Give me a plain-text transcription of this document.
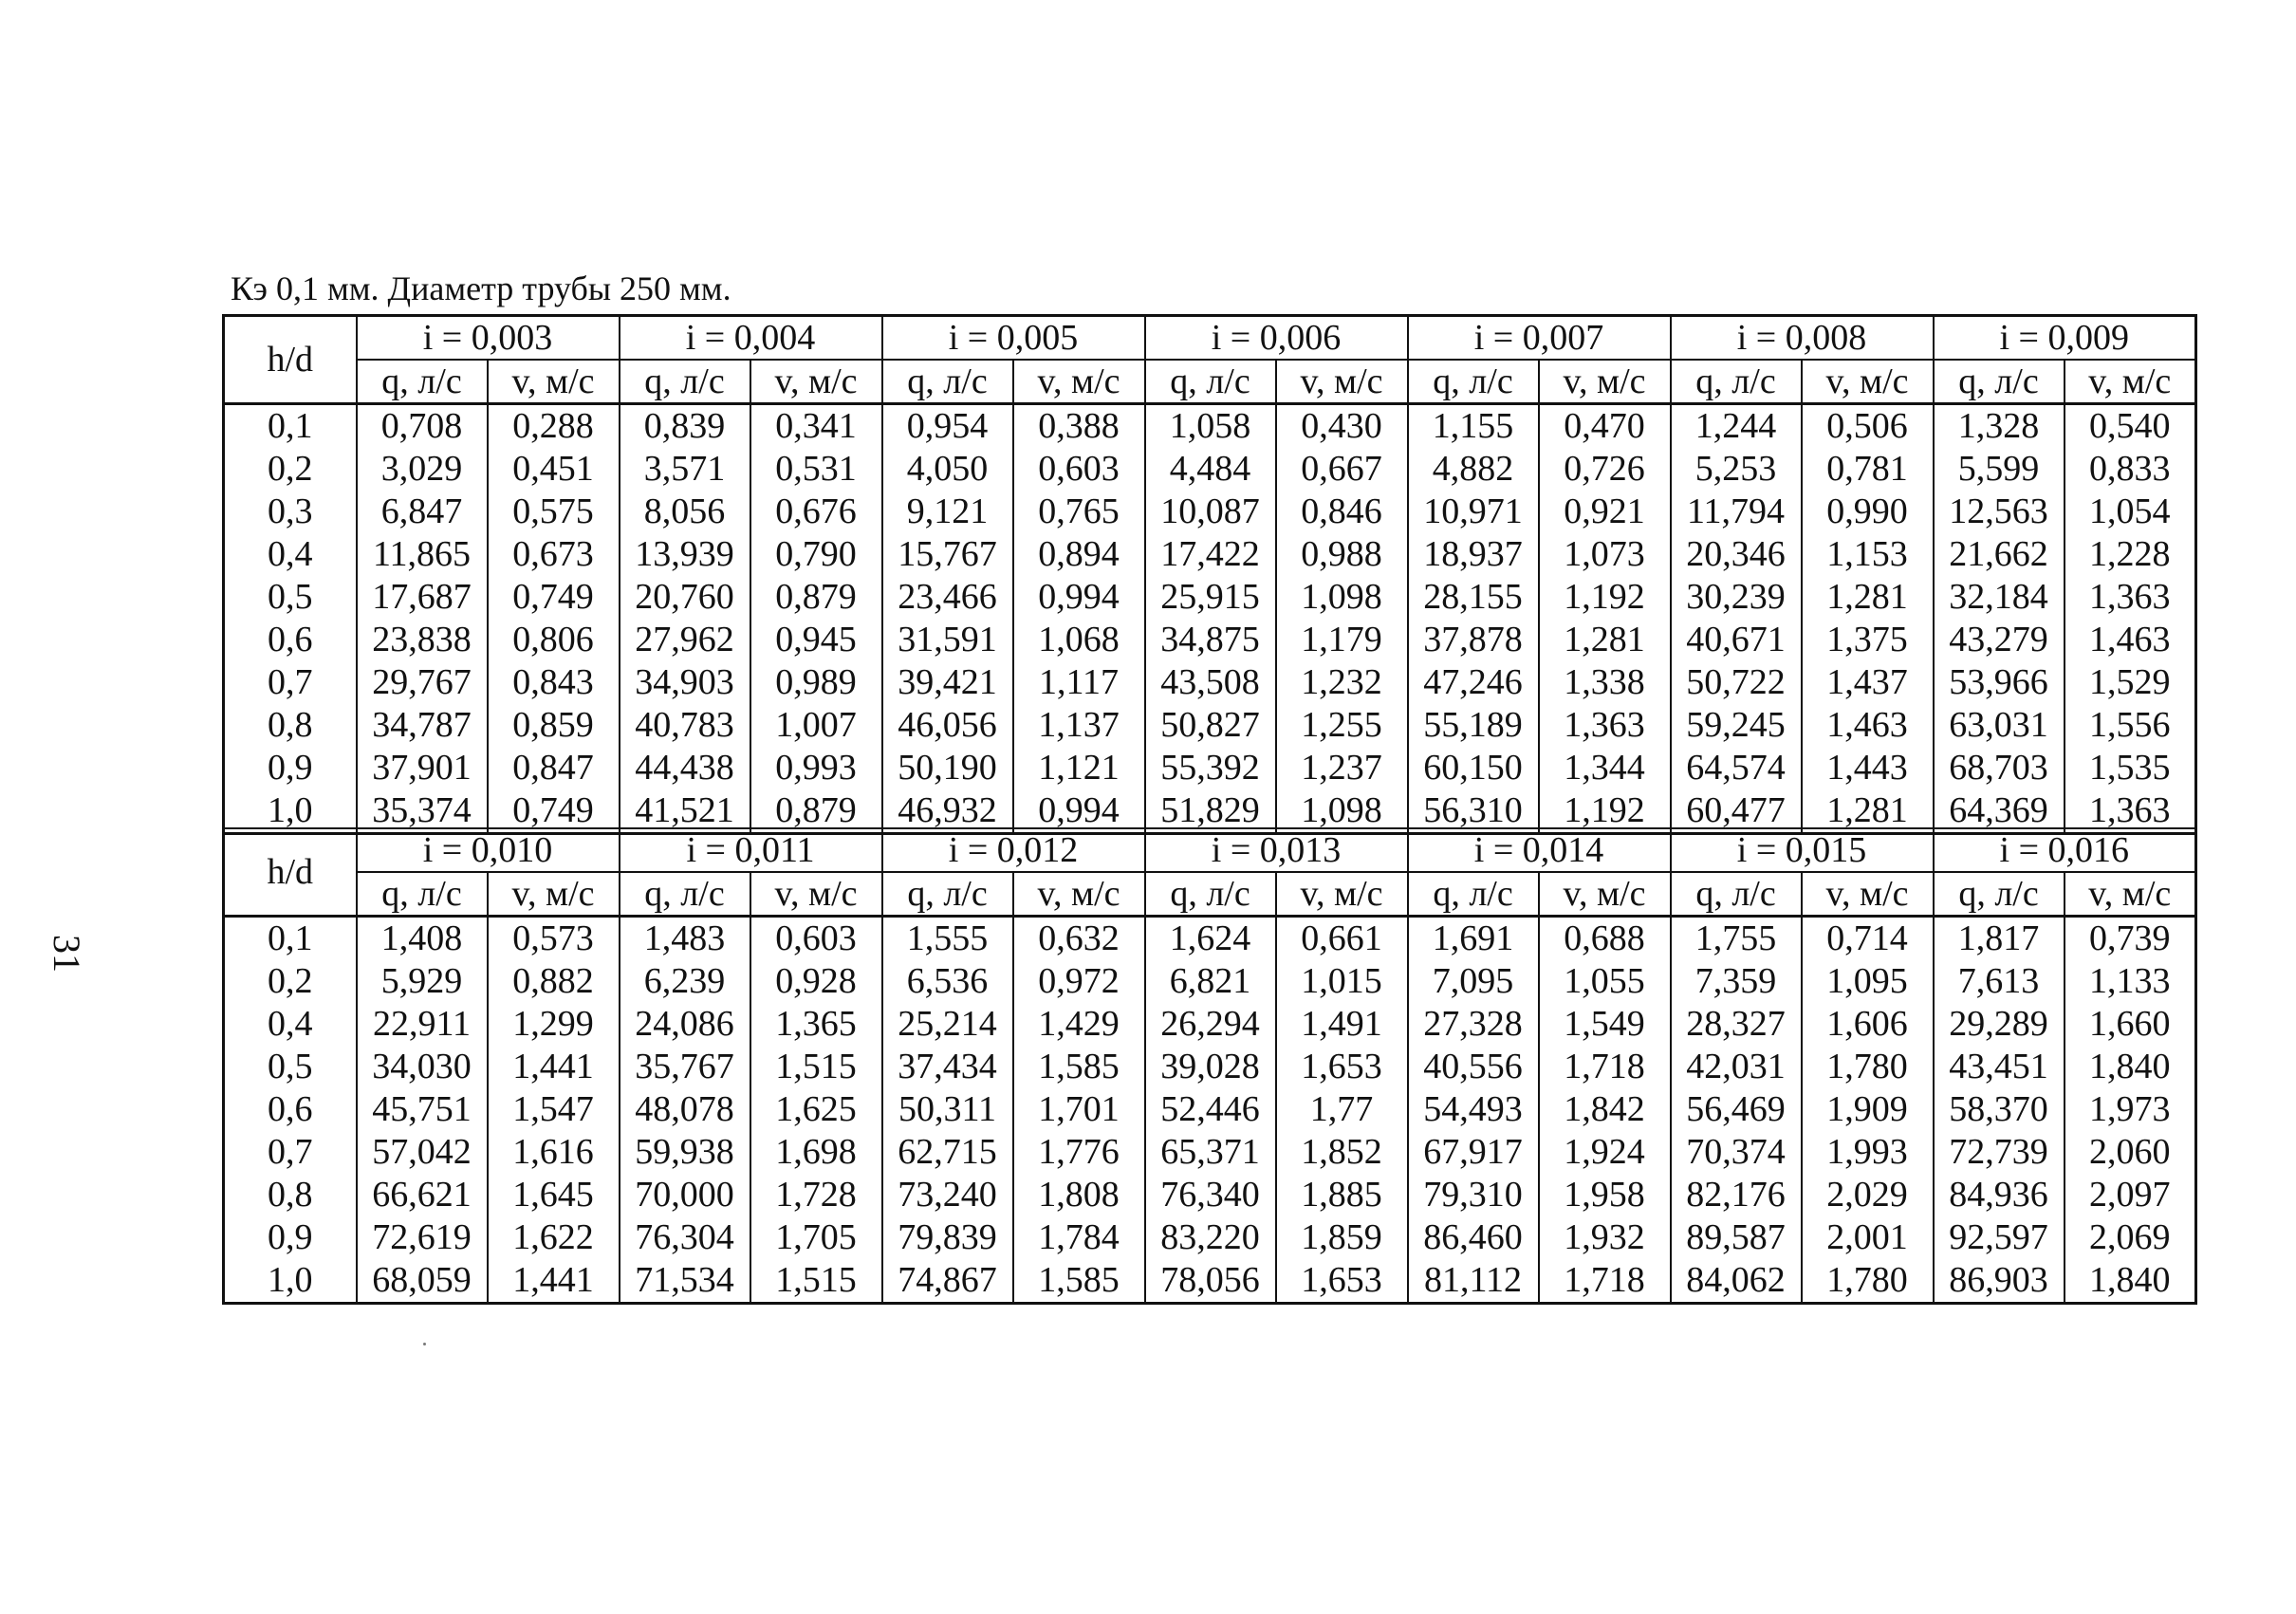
Кэ 0,1 мм. Диаметр трубы 250 мм.
31
h/d	i = 0,003		i = 0,004		i = 0,005		i = 0,006		i = 0,007		i = 0,008		i = 0,009	
	q, л/с	v, м/с	q, л/с	v, м/с	q, л/с	v, м/с	q, л/с	v, м/с	q, л/с	v, м/с	q, л/с	v, м/с	q, л/с	v, м/с
0,1	0,708	0,288	0,839	0,341	0,954	0,388	1,058	0,430	1,155	0,470	1,244	0,506	1,328	0,540
0,2	3,029	0,451	3,571	0,531	4,050	0,603	4,484	0,667	4,882	0,726	5,253	0,781	5,599	0,833
0,3	6,847	0,575	8,056	0,676	9,121	0,765	10,087	0,846	10,971	0,921	11,794	0,990	12,563	1,054
0,4	11,865	0,673	13,939	0,790	15,767	0,894	17,422	0,988	18,937	1,073	20,346	1,153	21,662	1,228
0,5	17,687	0,749	20,760	0,879	23,466	0,994	25,915	1,098	28,155	1,192	30,239	1,281	32,184	1,363
0,6	23,838	0,806	27,962	0,945	31,591	1,068	34,875	1,179	37,878	1,281	40,671	1,375	43,279	1,463
0,7	29,767	0,843	34,903	0,989	39,421	1,117	43,508	1,232	47,246	1,338	50,722	1,437	53,966	1,529
0,8	34,787	0,859	40,783	1,007	46,056	1,137	50,827	1,255	55,189	1,363	59,245	1,463	63,031	1,556
0,9	37,901	0,847	44,438	0,993	50,190	1,121	55,392	1,237	60,150	1,344	64,574	1,443	68,703	1,535
1,0	35,374	0,749	41,521	0,879	46,932	0,994	51,829	1,098	56,310	1,192	60,477	1,281	64,369	1,363
h/d	i = 0,010		i = 0,011		i = 0,012		i = 0,013		i = 0,014		i = 0,015		i = 0,016	
	q, л/с	v, м/с	q, л/с	v, м/с	q, л/с	v, м/с	q, л/с	v, м/с	q, л/с	v, м/с	q, л/с	v, м/с	q, л/с	v, м/с
0,1	1,408	0,573	1,483	0,603	1,555	0,632	1,624	0,661	1,691	0,688	1,755	0,714	1,817	0,739
0,2	5,929	0,882	6,239	0,928	6,536	0,972	6,821	1,015	7,095	1,055	7,359	1,095	7,613	1,133
0,4	22,911	1,299	24,086	1,365	25,214	1,429	26,294	1,491	27,328	1,549	28,327	1,606	29,289	1,660
0,5	34,030	1,441	35,767	1,515	37,434	1,585	39,028	1,653	40,556	1,718	42,031	1,780	43,451	1,840
0,6	45,751	1,547	48,078	1,625	50,311	1,701	52,446	1,77	54,493	1,842	56,469	1,909	58,370	1,973
0,7	57,042	1,616	59,938	1,698	62,715	1,776	65,371	1,852	67,917	1,924	70,374	1,993	72,739	2,060
0,8	66,621	1,645	70,000	1,728	73,240	1,808	76,340	1,885	79,310	1,958	82,176	2,029	84,936	2,097
0,9	72,619	1,622	76,304	1,705	79,839	1,784	83,220	1,859	86,460	1,932	89,587	2,001	92,597	2,069
1,0	68,059	1,441	71,534	1,515	74,867	1,585	78,056	1,653	81,112	1,718	84,062	1,780	86,903	1,840
